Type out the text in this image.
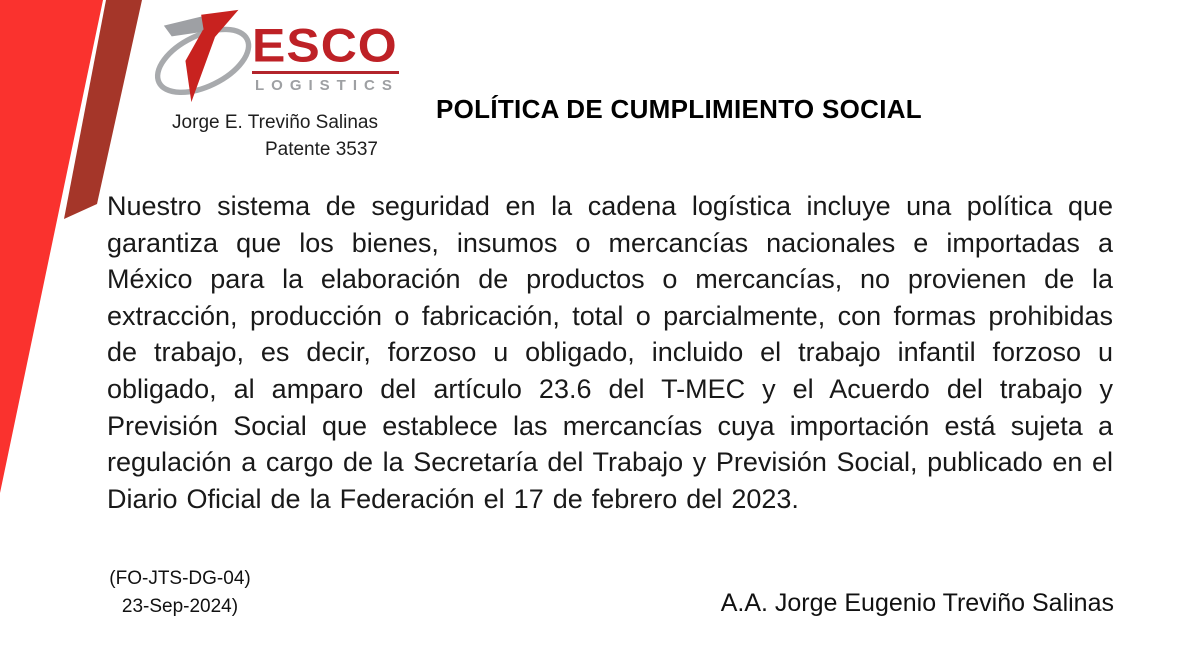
ESCO
LOGISTICS
Jorge E. Treviño Salinas
Patente 3537
POLÍTICA DE CUMPLIMIENTO SOCIAL
Nuestro sistema de seguridad en la cadena logística incluye una política que garantiza que los bienes, insumos o mercancías nacionales e importadas a México para la elaboración de productos o mercancías, no provienen de la extracción, producción o fabricación, total o parcialmente, con formas prohibidas de trabajo, es decir, forzoso u obligado, incluido el trabajo infantil forzoso u obligado, al amparo del artículo 23.6 del T-MEC y el Acuerdo del trabajo y Previsión Social que establece las mercancías cuya importación está sujeta a regulación a cargo de la Secretaría del Trabajo y Previsión Social, publicado en el Diario Oficial de la Federación el 17 de febrero del 2023.
(FO-JTS-DG-04)
23-Sep-2024)	A.A. Jorge Eugenio Treviño Salinas
